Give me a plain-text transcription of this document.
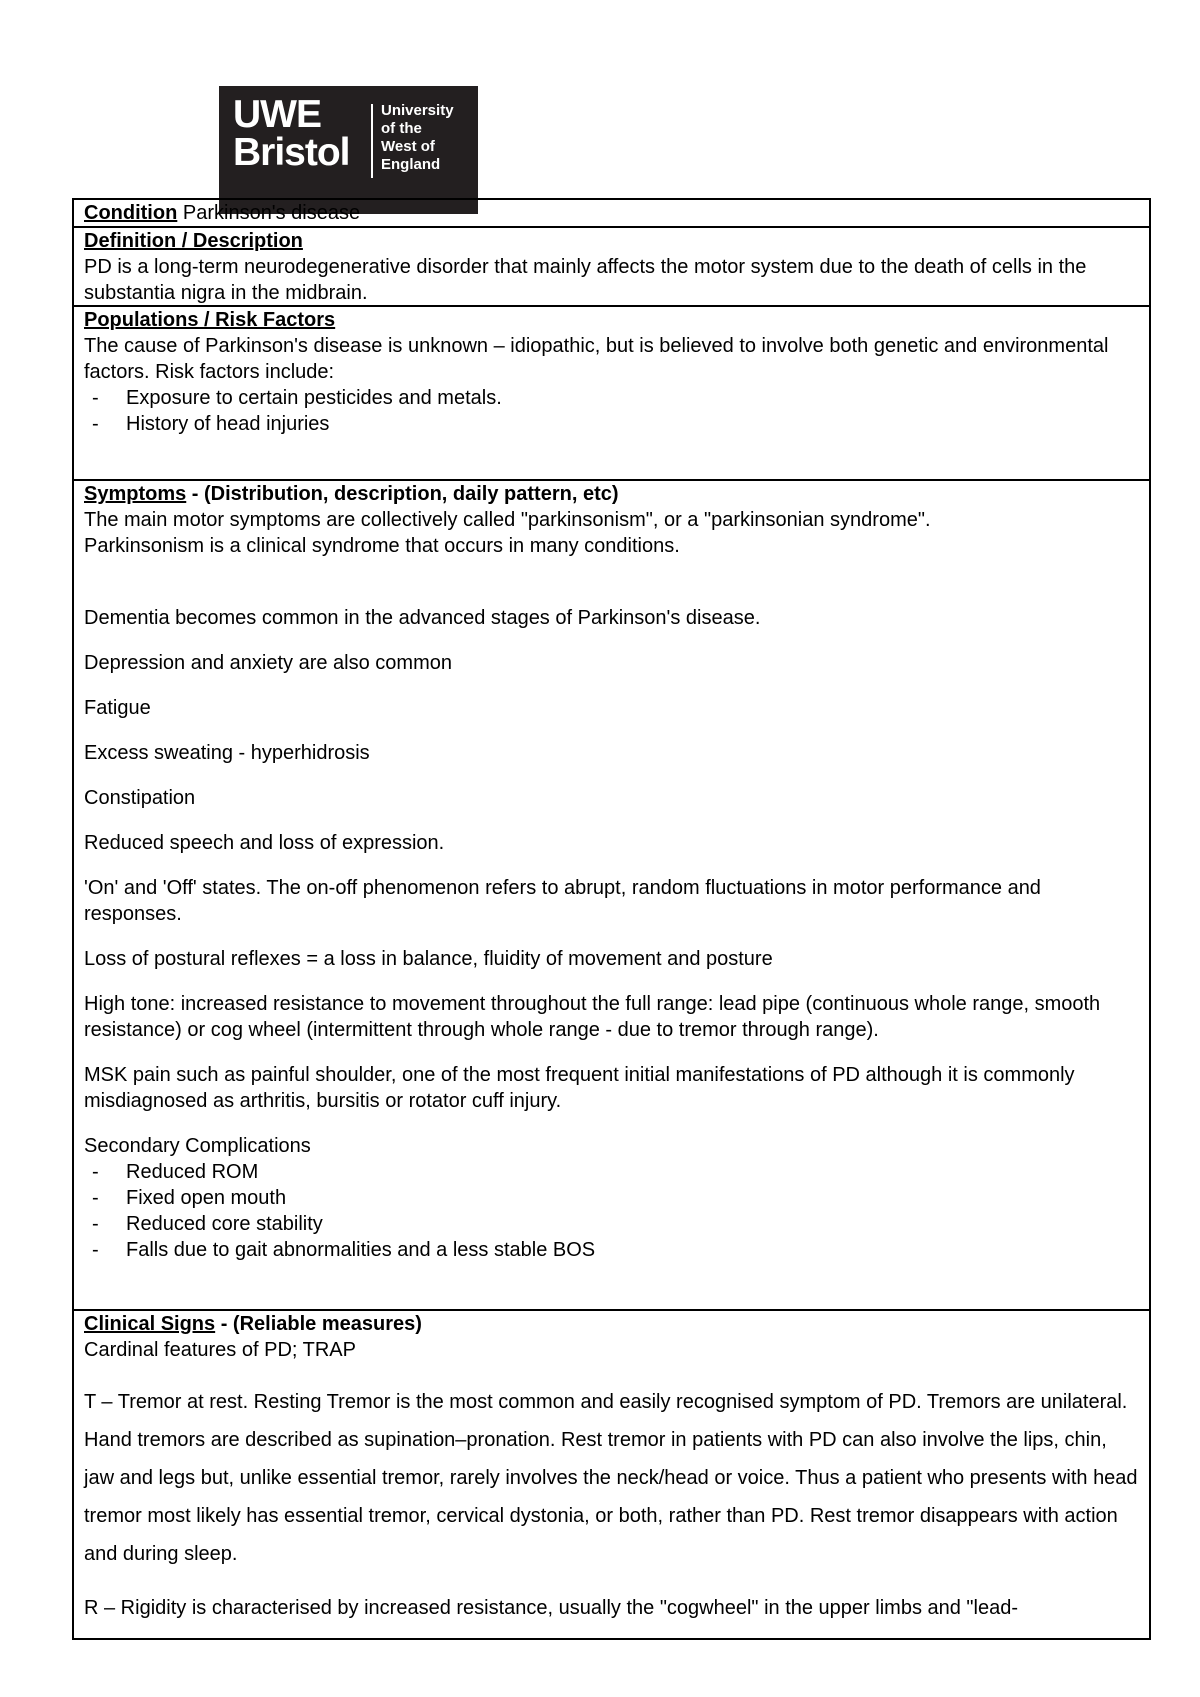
UWE
Bristol
University
of the
West of
England
Condition Parkinson's disease
Definition / Description

PD is a long-term neurodegenerative disorder that mainly affects the motor system due to the death of cells in the substantia nigra in the midbrain.

Populations / Risk Factors

The cause of Parkinson's disease is unknown – idiopathic, but is believed to involve both genetic and environmental factors. Risk factors include:

- Exposure to certain pesticides and metals.
- History of head injuries
Symptoms - (Distribution, description, daily pattern, etc)

The main motor symptoms are collectively called "parkinsonism", or a "parkinsonian syndrome".

Parkinsonism is a clinical syndrome that occurs in many conditions.

Dementia becomes common in the advanced stages of Parkinson's disease.

Depression and anxiety are also common

Fatigue

Excess sweating - hyperhidrosis

Constipation

Reduced speech and loss of expression.

'On' and 'Off' states. The on-off phenomenon refers to abrupt, random fluctuations in motor performance and responses.

Loss of postural reflexes = a loss in balance, fluidity of movement and posture

High tone: increased resistance to movement throughout the full range: lead pipe (continuous whole range, smooth resistance) or cog wheel (intermittent through whole range - due to tremor through range).

MSK pain such as painful shoulder, one of the most frequent initial manifestations of PD although it is commonly misdiagnosed as arthritis, bursitis or rotator cuff injury.

Secondary Complications

- Reduced ROM
- Fixed open mouth
- Reduced core stability
- Falls due to gait abnormalities and a less stable BOS
Clinical Signs - (Reliable measures)

Cardinal features of PD; TRAP

T – Tremor at rest. Resting Tremor is the most common and easily recognised symptom of PD. Tremors are unilateral. Hand tremors are described as supination–pronation. Rest tremor in patients with PD can also involve the lips, chin, jaw and legs but, unlike essential tremor, rarely involves the neck/head or voice. Thus a patient who presents with head tremor most likely has essential tremor, cervical dystonia, or both, rather than PD. Rest tremor disappears with action and during sleep.

R – Rigidity is characterised by increased resistance, usually the "cogwheel" in the upper limbs and "lead-
